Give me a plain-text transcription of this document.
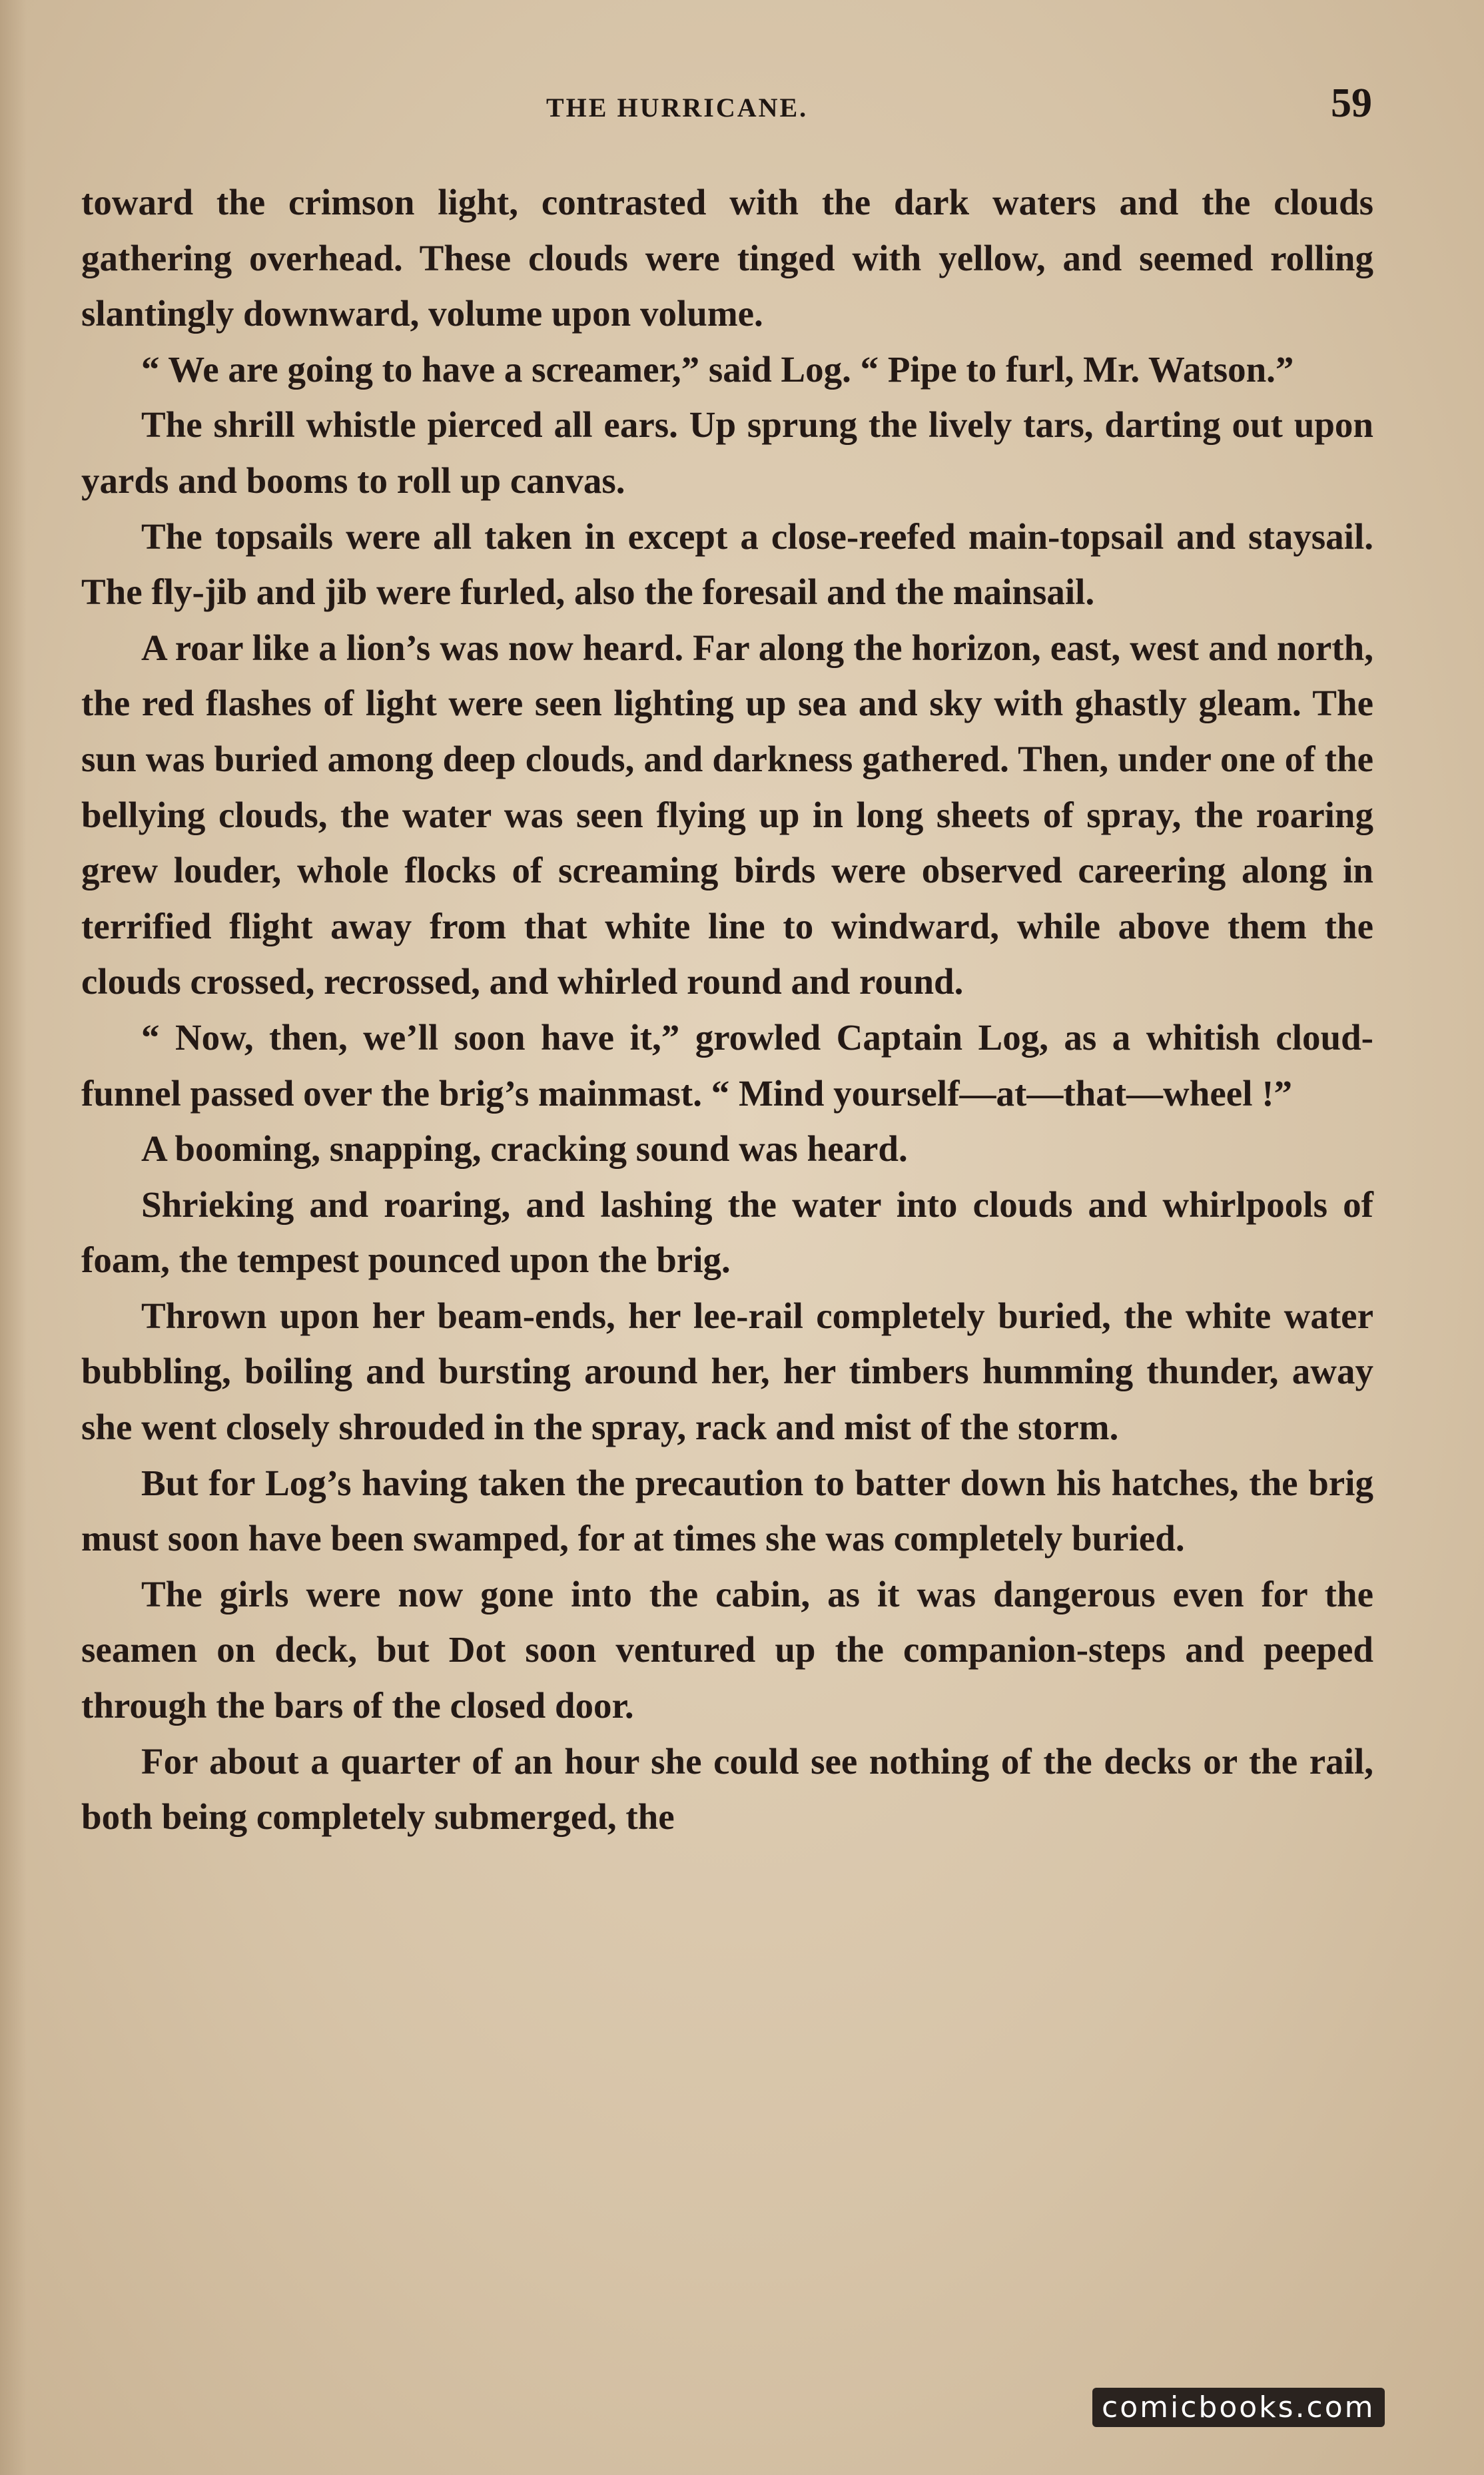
THE HURRICANE.	59

toward the crimson light, contrasted with the dark waters and the clouds gathering overhead. These clouds were tinged with yellow, and seemed rolling slantingly downward, volume upon volume.

“ We are going to have a screamer,” said Log. “ Pipe to furl, Mr. Watson.”

The shrill whistle pierced all ears. Up sprung the lively tars, darting out upon yards and booms to roll up canvas.

The topsails were all taken in except a close-reefed main-topsail and staysail. The fly-jib and jib were furled, also the foresail and the mainsail.

A roar like a lion’s was now heard. Far along the horizon, east, west and north, the red flashes of light were seen lighting up sea and sky with ghastly gleam. The sun was buried among deep clouds, and darkness gathered. Then, under one of the bellying clouds, the water was seen flying up in long sheets of spray, the roaring grew louder, whole flocks of screaming birds were observed careering along in terrified flight away from that white line to windward, while above them the clouds crossed, recrossed, and whirled round and round.

“ Now, then, we’ll soon have it,” growled Captain Log, as a whitish cloud-funnel passed over the brig’s mainmast. “ Mind yourself—at—that—wheel !”

A booming, snapping, cracking sound was heard.

Shrieking and roaring, and lashing the water into clouds and whirlpools of foam, the tempest pounced upon the brig.

Thrown upon her beam-ends, her lee-rail completely buried, the white water bubbling, boiling and bursting around her, her timbers humming thunder, away she went closely shrouded in the spray, rack and mist of the storm.

But for Log’s having taken the precaution to batter down his hatches, the brig must soon have been swamped, for at times she was completely buried.

The girls were now gone into the cabin, as it was dangerous even for the seamen on deck, but Dot soon ventured up the companion-steps and peeped through the bars of the closed door.

For about a quarter of an hour she could see nothing of the decks or the rail, both being completely submerged, the

comicbooks.com
